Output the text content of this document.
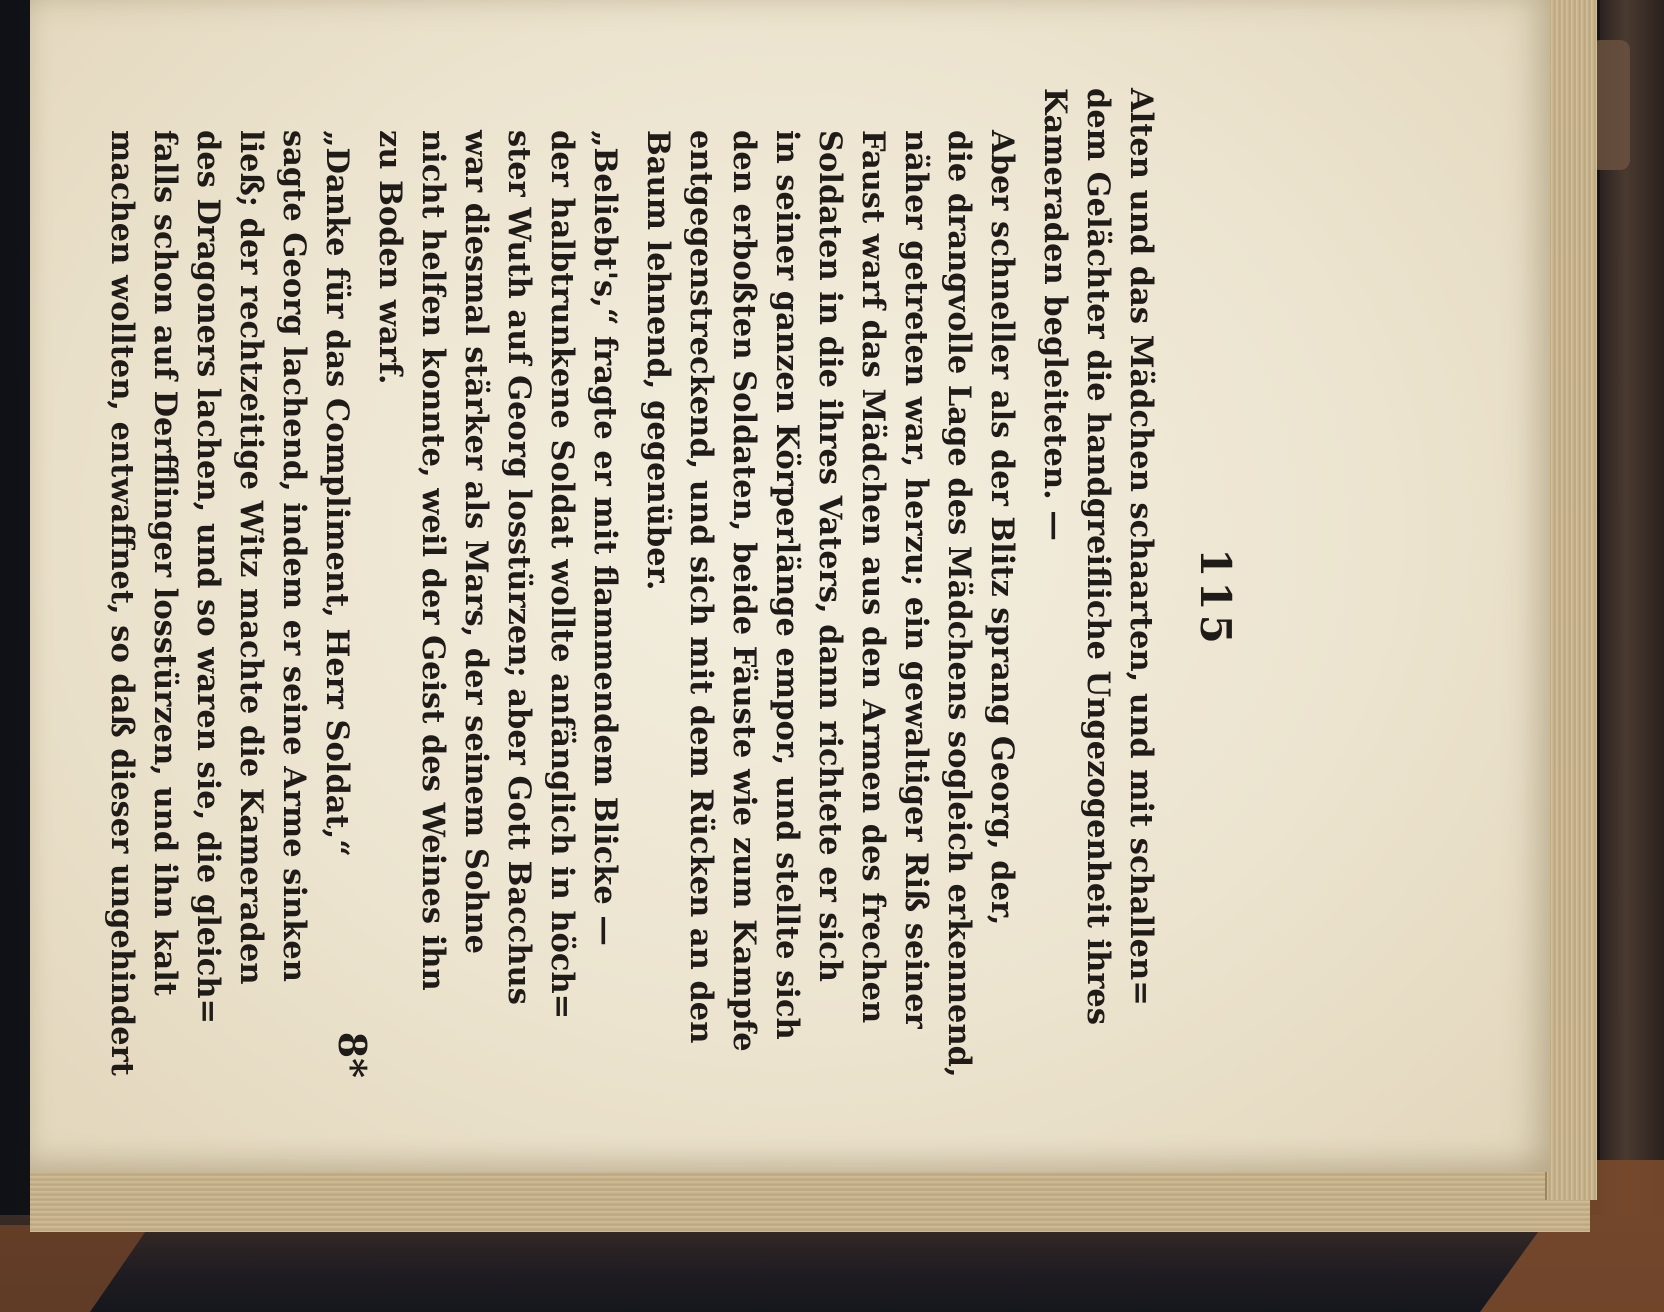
115

Alten und das Mädchen schaarten, und mit schallen=
dem Gelächter die handgreifliche Ungezogenheit ihres
Kameraden begleiteten. —

Aber schneller als der Blitz sprang Georg, der,
die drangvolle Lage des Mädchens sogleich erkennend,
näher getreten war, herzu; ein gewaltiger Riß seiner
Faust warf das Mädchen aus den Armen des frechen
Soldaten in die ihres Vaters, dann richtete er sich
in seiner ganzen Körperlänge empor, und stellte sich
den erboßten Soldaten, beide Fäuste wie zum Kampfe
entgegenstreckend, und sich mit dem Rücken an den
Baum lehnend, gegenüber.

„Beliebt's,“ fragte er mit flammendem Blicke —
der halbtrunkene Soldat wollte anfänglich in höch=
ster Wuth auf Georg losstürzen; aber Gott Bacchus
war diesmal stärker als Mars, der seinem Sohne
nicht helfen konnte, weil der Geist des Weines ihn
zu Boden warf.

„Danke für das Compliment, Herr Soldat,“
sagte Georg lachend, indem er seine Arme sinken
ließ; der rechtzeitige Witz machte die Kameraden
des Dragoners lachen, und so waren sie, die gleich=
falls schon auf Derfflinger losstürzen, und ihn kalt
machen wollten, entwaffnet, so daß dieser ungehindert	8*
